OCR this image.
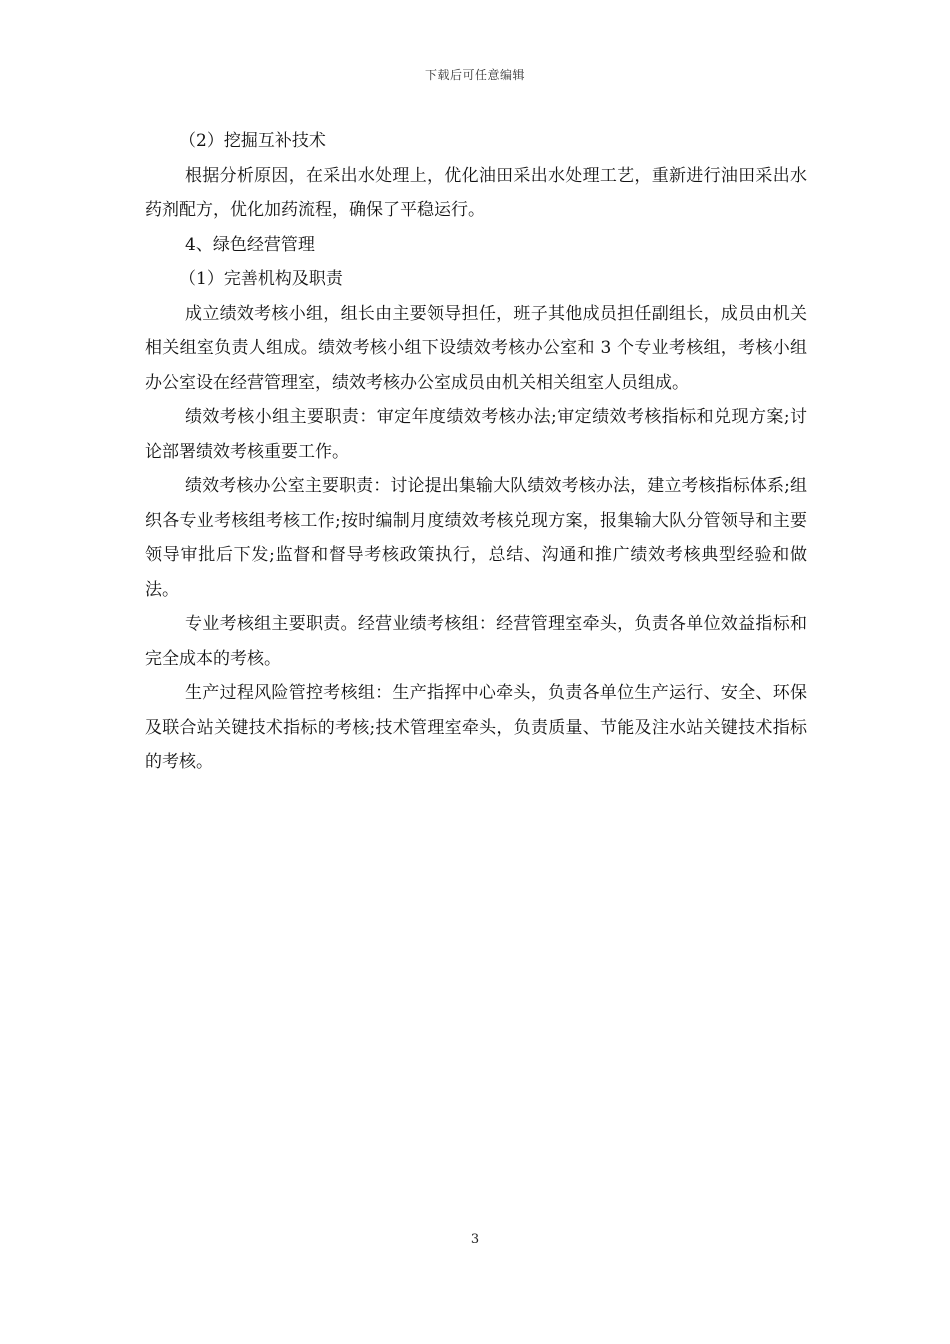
下载后可任意编辑

（2）挖掘互补技术

根据分析原因，在采出水处理上，优化油田采出水处理工艺，重新进行油田采出水药剂配方，优化加药流程，确保了平稳运行。

4、绿色经营管理

（1）完善机构及职责

成立绩效考核小组，组长由主要领导担任，班子其他成员担任副组长，成员由机关相关组室负责人组成。绩效考核小组下设绩效考核办公室和 3 个专业考核组，考核小组办公室设在经营管理室，绩效考核办公室成员由机关相关组室人员组成。

绩效考核小组主要职责：审定年度绩效考核办法;审定绩效考核指标和兑现方案;讨论部署绩效考核重要工作。

绩效考核办公室主要职责：讨论提出集输大队绩效考核办法，建立考核指标体系;组织各专业考核组考核工作;按时编制月度绩效考核兑现方案，报集输大队分管领导和主要领导审批后下发;监督和督导考核政策执行，总结、沟通和推广绩效考核典型经验和做法。

专业考核组主要职责。经营业绩考核组：经营管理室牵头，负责各单位效益指标和完全成本的考核。

生产过程风险管控考核组：生产指挥中心牵头，负责各单位生产运行、安全、环保及联合站关键技术指标的考核;技术管理室牵头，负责质量、节能及注水站关键技术指标的考核。

3
